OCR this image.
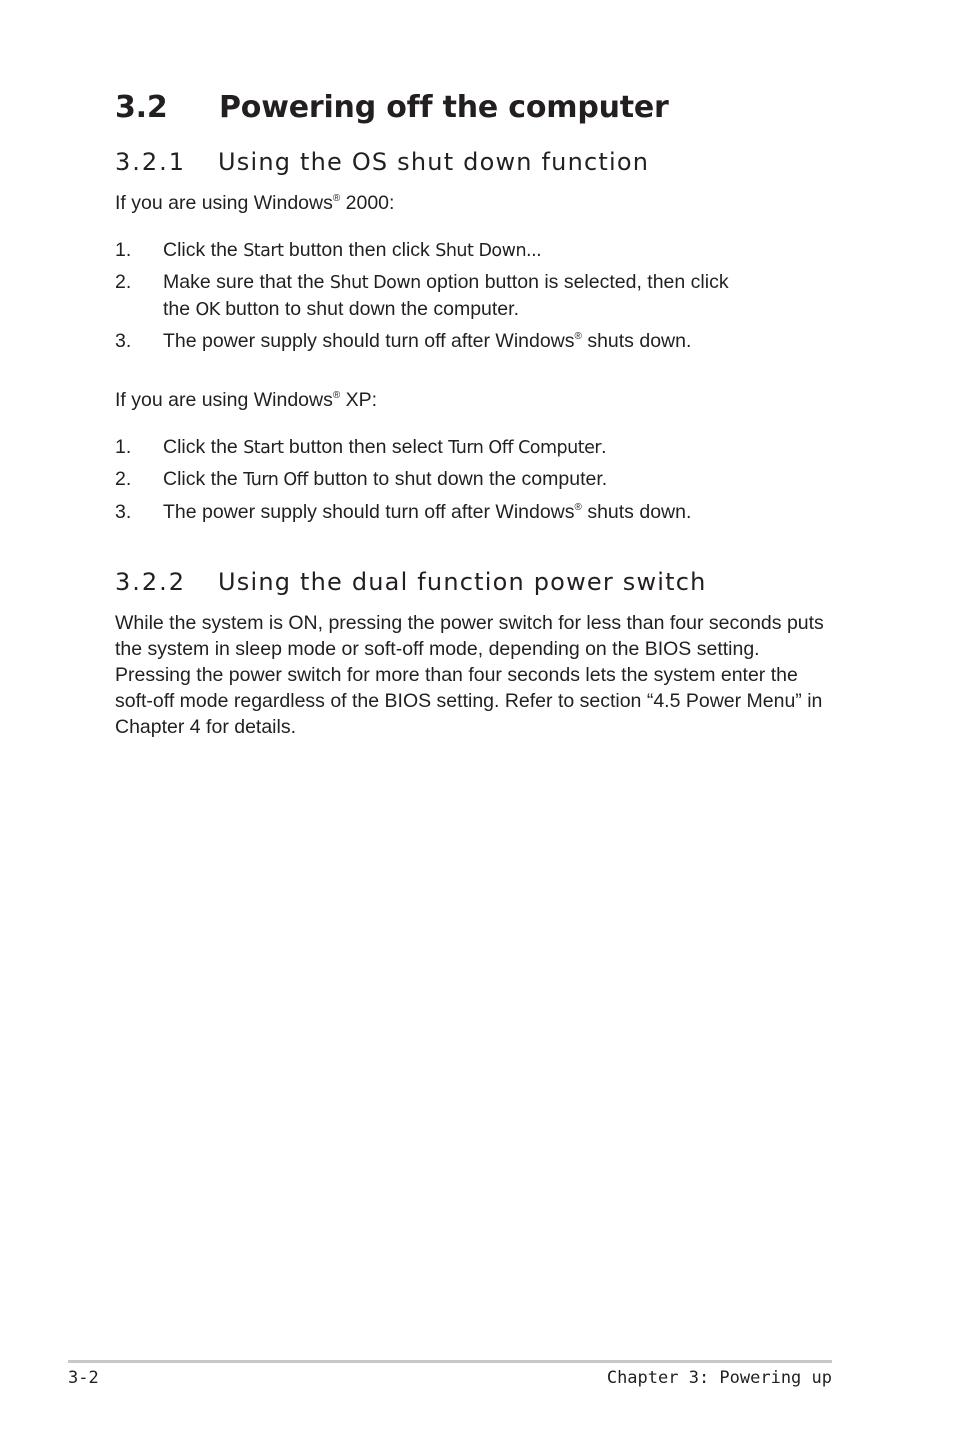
3.2 Powering off the computer
3.2.1 Using the OS shut down function
If you are using Windows® 2000:
1. Click the Start button then click Shut Down...
2. Make sure that the Shut Down option button is selected, then click
the OK button to shut down the computer.
3. The power supply should turn off after Windows® shuts down.
If you are using Windows® XP:
1. Click the Start button then select Turn Off Computer.
2. Click the Turn Off button to shut down the computer.
3. The power supply should turn off after Windows® shuts down.
3.2.2 Using the dual function power switch
While the system is ON, pressing the power switch for less than four seconds puts the system in sleep mode or soft-off mode, depending on the BIOS setting. Pressing the power switch for more than four seconds lets the system enter the soft-off mode regardless of the BIOS setting. Refer to section “4.5 Power Menu” in Chapter 4 for details.
3-2	Chapter 3: Powering up
